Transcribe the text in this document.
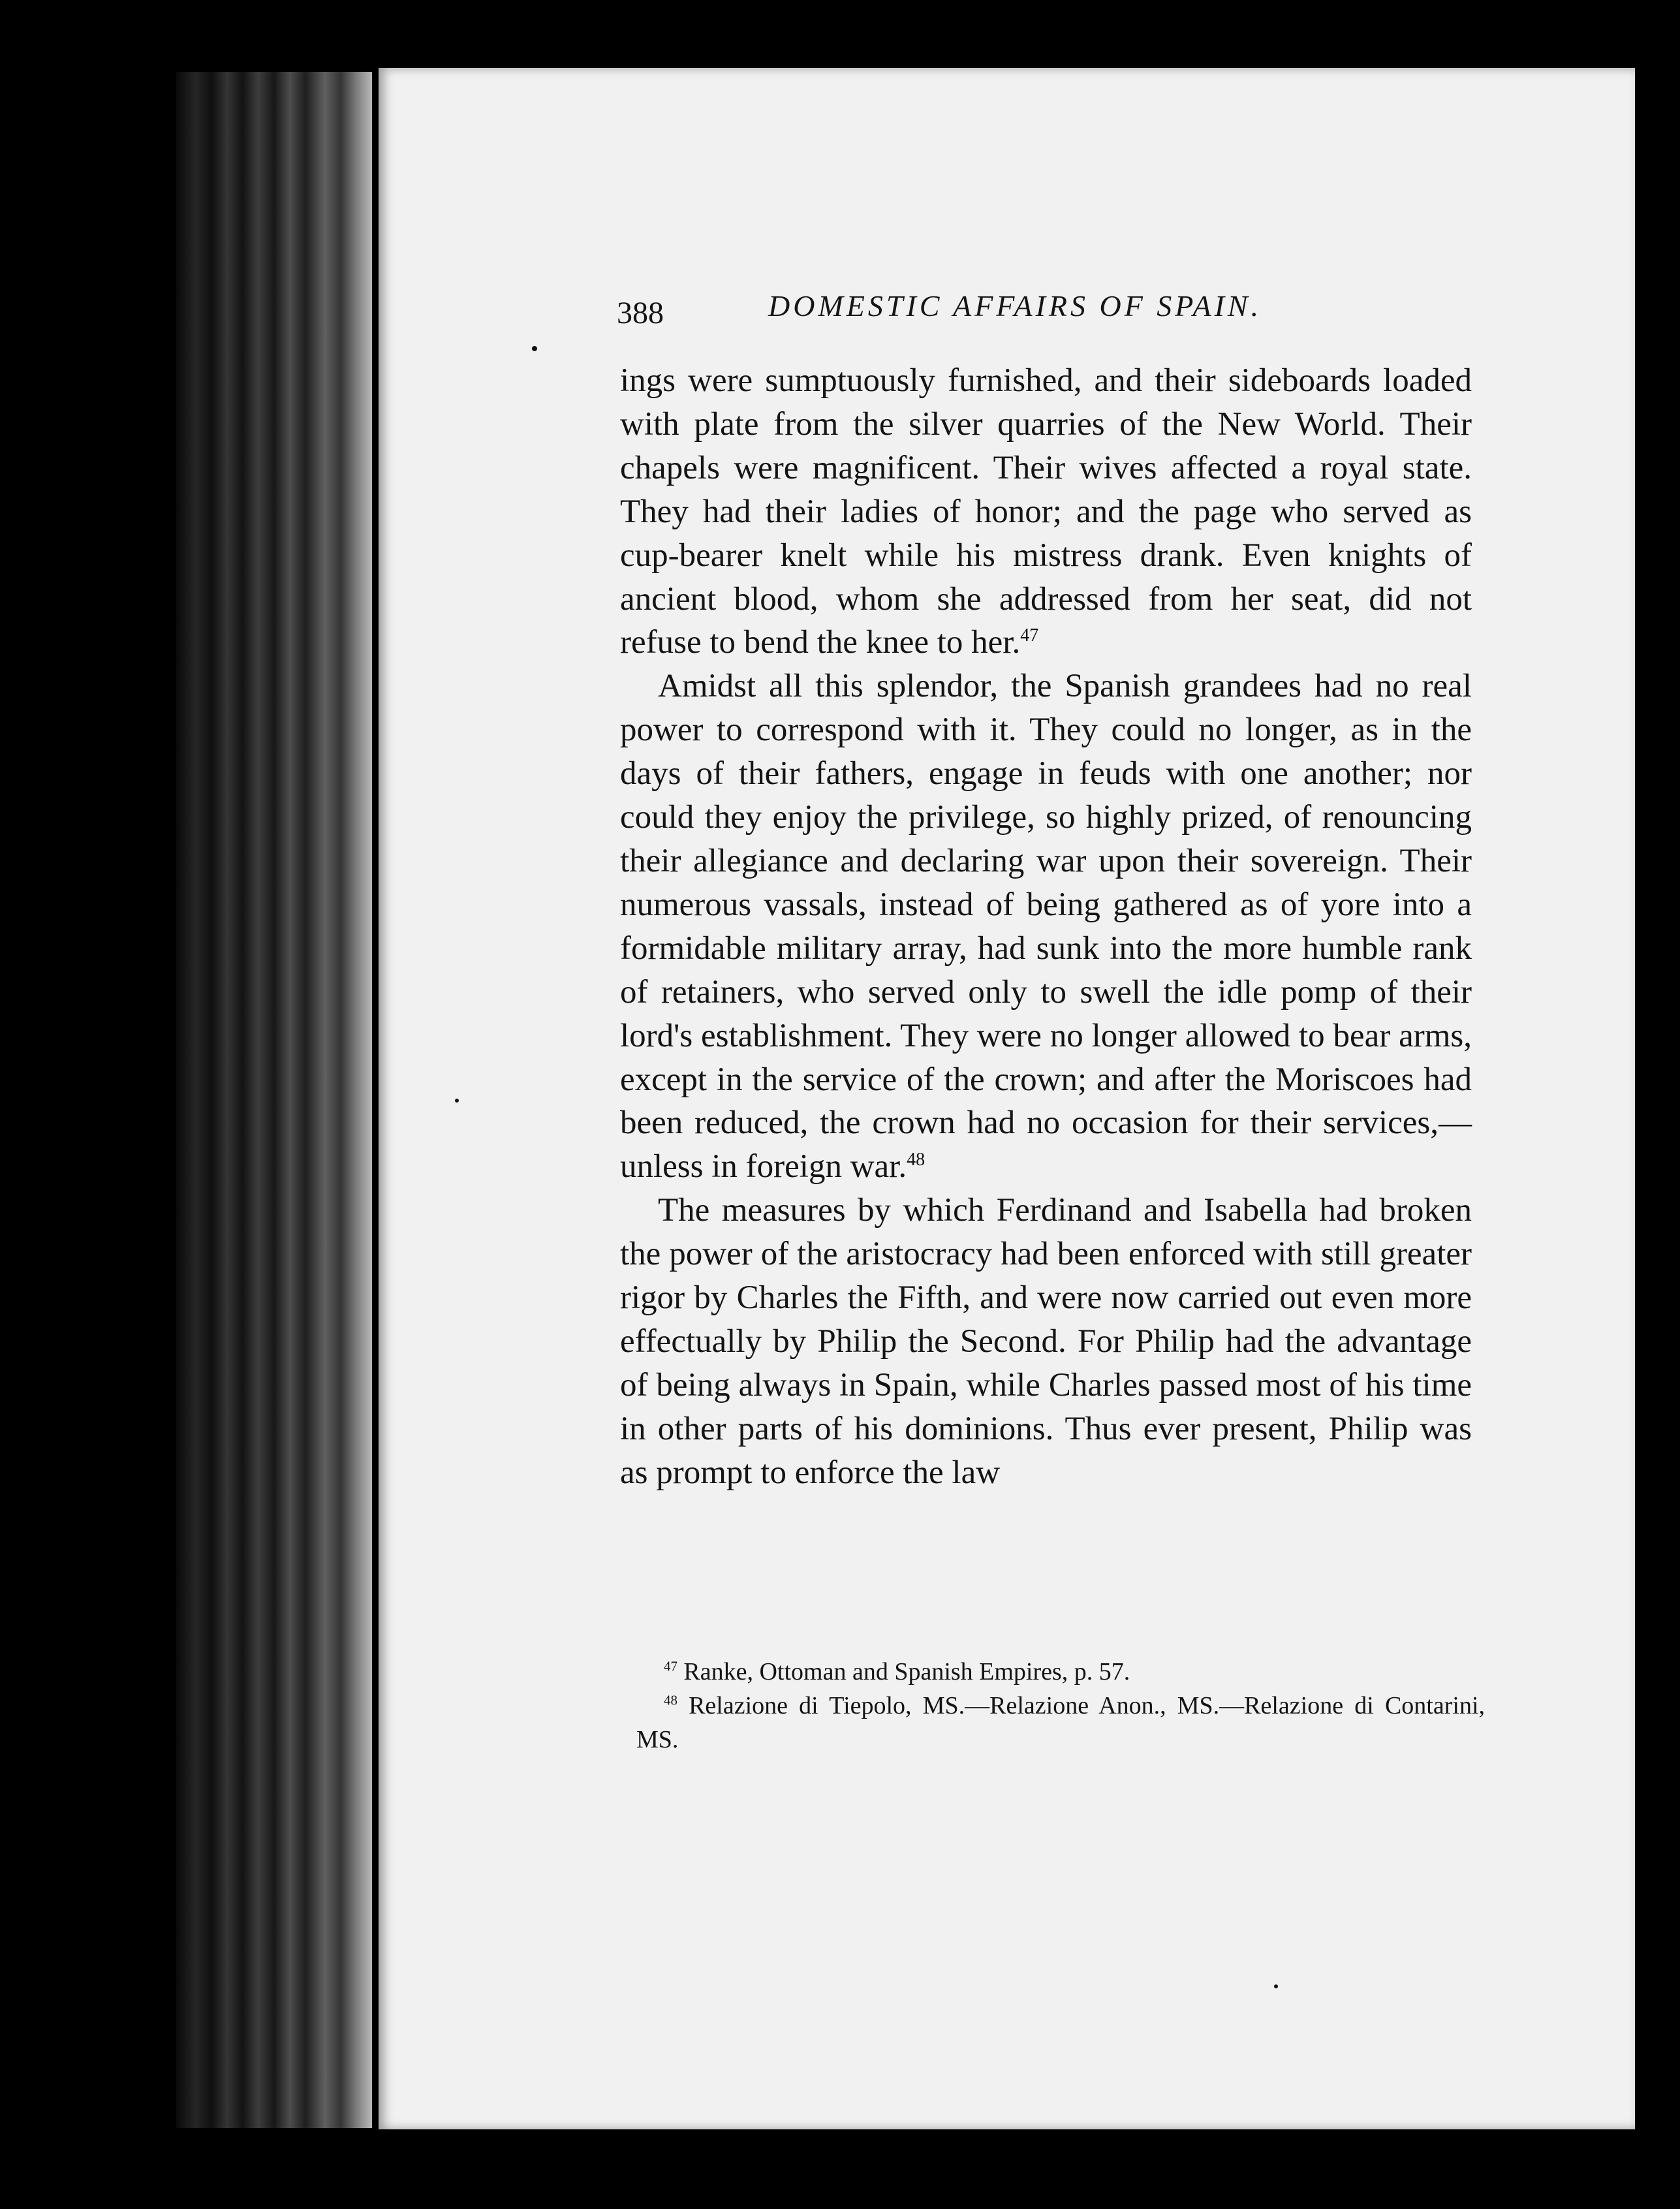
388	DOMESTIC AFFAIRS OF SPAIN.

ings were sumptuously furnished, and their sideboards loaded with plate from the silver quarries of the New World. Their chapels were magnificent. Their wives affected a royal state. They had their ladies of honor; and the page who served as cup-bearer knelt while his mistress drank. Even knights of ancient blood, whom she addressed from her seat, did not refuse to bend the knee to her.$^{47}$

Amidst all this splendor, the Spanish grandees had no real power to correspond with it. They could no longer, as in the days of their fathers, engage in feuds with one another; nor could they enjoy the privilege, so highly prized, of renouncing their allegiance and declaring war upon their sovereign. Their numerous vassals, instead of being gathered as of yore into a formidable military array, had sunk into the more humble rank of retainers, who served only to swell the idle pomp of their lord's establishment. They were no longer allowed to bear arms, except in the service of the crown; and after the Moriscoes had been reduced, the crown had no occasion for their services,—unless in foreign war.$^{48}$

The measures by which Ferdinand and Isabella had broken the power of the aristocracy had been enforced with still greater rigor by Charles the Fifth, and were now carried out even more effectually by Philip the Second. For Philip had the advantage of being always in Spain, while Charles passed most of his time in other parts of his dominions. Thus ever present, Philip was as prompt to enforce the law

$^{47}$ Ranke, Ottoman and Spanish Empires, p. 57.

$^{48}$ Relazione di Tiepolo, MS.—Relazione Anon., MS.—Relazione di Contarini, MS.
